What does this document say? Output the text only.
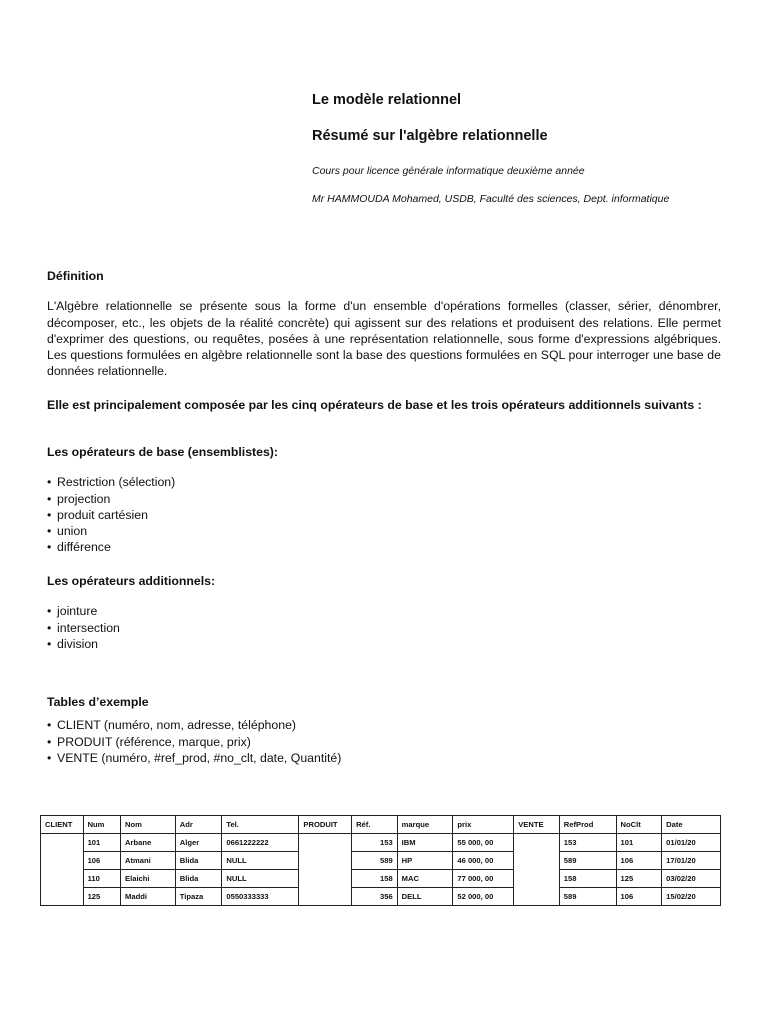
Le modèle relationnel

Résumé sur l'algèbre relationnelle

Cours pour licence générale informatique deuxième année
Mr HAMMOUDA Mohamed, USDB, Faculté des sciences, Dept. informatique

Définition

L'Algèbre relationnelle se présente sous la forme d'un ensemble d'opérations formelles (classer, sérier, dénombrer, décomposer, etc., les objets de la réalité concrète) qui agissent sur des relations et produisent des relations. Elle permet d'exprimer des questions, ou requêtes, posées à une représentation relationnelle, sous forme d'expressions algébriques. Les questions formulées en algèbre relationnelle sont la base des questions formulées en SQL pour interroger une base de données relationnelle.

Elle est principalement composée par les cinq opérateurs de base et les trois opérateurs additionnels suivants :

Les opérateurs de base (ensemblistes):

• Restriction (sélection)
• projection
• produit cartésien
• union
• différence

Les opérateurs additionnels:

• jointure
• intersection
• division

Tables d’exemple

• CLIENT (numéro, nom, adresse, téléphone)
• PRODUIT (référence, marque, prix)
• VENTE (numéro, #ref_prod, #no_clt, date, Quantité)
CLIENT	Num	Nom	Adr	Tel.	PRODUIT	Réf.	marque	prix	VENTE	RefProd	NoClt	Date
	101	Arbane	Alger	0661222222		153	IBM	55 000, 00		153	101	01/01/20
	106	Atmani	Blida	NULL		589	HP	46 000, 00		589	106	17/01/20
	110	Elaichi	Blida	NULL		158	MAC	77 000, 00		158	125	03/02/20
	125	Maddi	Tipaza	0550333333		356	DELL	52 000, 00		589	106	15/02/20
